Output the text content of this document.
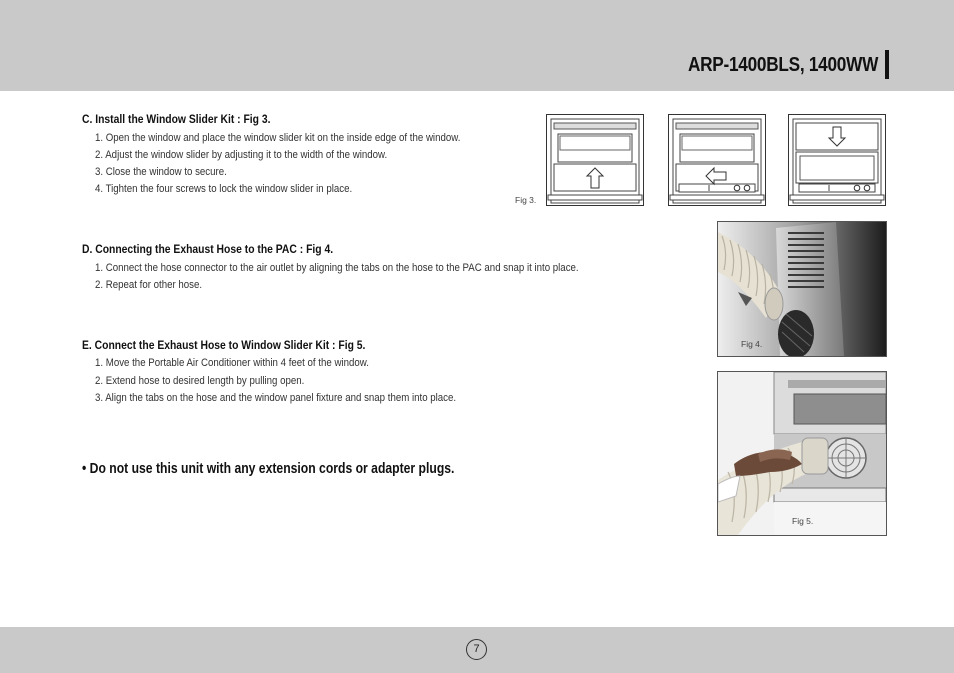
ARP-1400BLS, 1400WW
C. Install the Window Slider Kit : Fig 3.
1. Open the window and place the window slider kit on the inside edge of the window.
2. Adjust the window slider by adjusting it to the width of the window.
3. Close the window to secure.
4. Tighten the four screws to lock the window slider in place.
D. Connecting the Exhaust Hose to the PAC : Fig 4.
1. Connect the hose connector to the air outlet by aligning the tabs on the hose to the PAC and snap it into place.
2. Repeat for other hose.
E. Connect the Exhaust Hose to Window Slider Kit : Fig 5.
1. Move the Portable Air Conditioner within 4 feet of the window.
2. Extend hose to desired length by pulling open.
3. Align the tabs on the hose and the window panel fixture and snap them into place.
• Do not use this unit with any extension cords or adapter plugs.
Fig 3.
Fig 4.
Fig 5.
7
